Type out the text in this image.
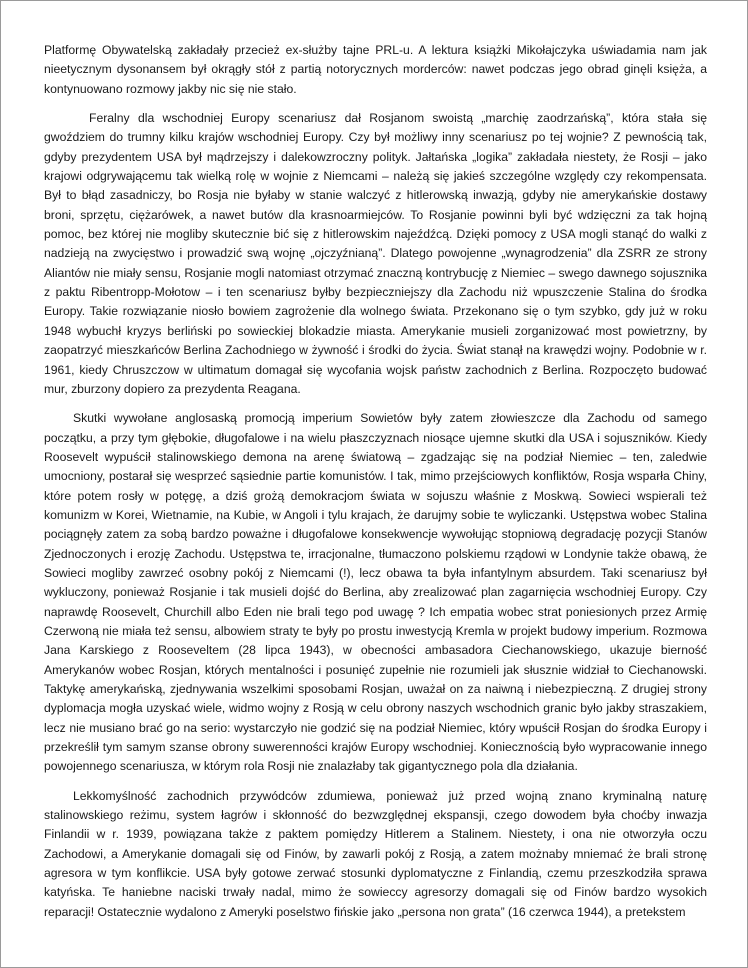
Platformę Obywatelską zakładały przecież ex-służby tajne PRL-u. A lektura książki Mikołajczyka uświadamia nam jak nieetycznym dysonansem był okrągły stół z partią notorycznych morderców: nawet podczas jego obrad ginęli księża, a kontynuowano rozmowy jakby nic się nie stało.

Feralny dla wschodniej Europy scenariusz dał Rosjanom swoistą „marchię zaodrzańską”, która stała się gwoździem do trumny kilku krajów wschodniej Europy. Czy był możliwy inny scenariusz po tej wojnie? Z pewnością tak, gdyby prezydentem USA był mądrzejszy i dalekowzroczny polityk. Jałtańska „logika” zakładała niestety, że Rosji – jako krajowi odgrywającemu tak wielką rolę w wojnie z Niemcami – należą się jakieś szczególne względy czy rekompensata. Był to błąd zasadniczy, bo Rosja nie byłaby w stanie walczyć z hitlerowską inwazją, gdyby nie amerykańskie dostawy broni, sprzętu, ciężarówek, a nawet butów dla krasnoarmiejców. To Rosjanie powinni byli być wdzięczni za tak hojną pomoc, bez której nie mogliby skutecznie bić się z hitlerowskim najeźdźcą. Dzięki pomocy z USA mogli stanąć do walki z nadzieją na zwycięstwo i prowadzić swą wojnę „ojczyźnianą”. Dlatego powojenne „wynagrodzenia” dla ZSRR ze strony Aliantów nie miały sensu, Rosjanie mogli natomiast otrzymać znaczną kontrybucję z Niemiec – swego dawnego sojusznika z paktu Ribentropp-Mołotow – i ten scenariusz byłby bezpieczniejszy dla Zachodu niż wpuszczenie Stalina do środka Europy. Takie rozwiązanie niosło bowiem zagrożenie dla wolnego świata. Przekonano się o tym szybko, gdy już w roku 1948 wybuchł kryzys berliński po sowieckiej blokadzie miasta. Amerykanie musieli zorganizować most powietrzny, by zaopatrzyć mieszkańców Berlina Zachodniego w żywność i środki do życia. Świat stanął na krawędzi wojny. Podobnie w r. 1961, kiedy Chruszczow w ultimatum domagał się wycofania wojsk państw zachodnich z Berlina. Rozpoczęto budować mur, zburzony dopiero za prezydenta Reagana.

Skutki wywołane anglosaską promocją imperium Sowietów były zatem złowieszcze dla Zachodu od samego początku, a przy tym głębokie, długofalowe i na wielu płaszczyznach niosące ujemne skutki dla USA i sojuszników. Kiedy Roosevelt wypuścił stalinowskiego demona na arenę światową – zgadzając się na podział Niemiec – ten, zaledwie umocniony, postarał się wesprzeć sąsiednie partie komunistów. I tak, mimo przejściowych konfliktów, Rosja wsparła Chiny, które potem rosły w potęgę, a dziś grożą demokracjom świata w sojuszu właśnie z Moskwą. Sowieci wspierali też komunizm w Korei, Wietnamie, na Kubie, w Angoli i tylu krajach, że darujmy sobie te wyliczanki. Ustępstwa wobec Stalina pociągnęły zatem za sobą bardzo poważne i długofalowe konsekwencje wywołując stopniową degradację pozycji Stanów Zjednoczonych i erozję Zachodu. Ustępstwa te, irracjonalne, tłumaczono polskiemu rządowi w Londynie także obawą, że Sowieci mogliby zawrzeć osobny pokój z Niemcami (!), lecz obawa ta była infantylnym absurdem. Taki scenariusz był wykluczony, ponieważ Rosjanie i tak musieli dojść do Berlina, aby zrealizować plan zagarnięcia wschodniej Europy. Czy naprawdę Roosevelt, Churchill albo Eden nie brali tego pod uwagę ? Ich empatia wobec strat poniesionych przez Armię Czerwoną nie miała też sensu, albowiem straty te były po prostu inwestycją Kremla w projekt budowy imperium. Rozmowa Jana Karskiego z Rooseveltem (28 lipca 1943), w obecności ambasadora Ciechanowskiego, ukazuje bierność Amerykanów wobec Rosjan, których mentalności i posunięć zupełnie nie rozumieli jak słusznie widział to Ciechanowski. Taktykę amerykańską, zjednywania wszelkimi sposobami Rosjan, uważał on za naiwną i niebezpieczną. Z drugiej strony dyplomacja mogła uzyskać wiele, widmo wojny z Rosją w celu obrony naszych wschodnich granic było jakby straszakiem, lecz nie musiano brać go na serio: wystarczyło nie godzić się na podział Niemiec, który wpuścił Rosjan do środka Europy i przekreślił tym samym szanse obrony suwerenności krajów Europy wschodniej. Koniecznością było wypracowanie innego powojennego scenariusza, w którym rola Rosji nie znalazłaby tak gigantycznego pola dla działania.

Lekkomyślność zachodnich przywódców zdumiewa, ponieważ już przed wojną znano kryminalną naturę stalinowskiego reżimu, system łagrów i skłonność do bezwzględnej ekspansji, czego dowodem była choćby inwazja Finlandii w r. 1939, powiązana także z paktem pomiędzy Hitlerem a Stalinem. Niestety, i ona nie otworzyła oczu Zachodowi, a Amerykanie domagali się od Finów, by zawarli pokój z Rosją, a zatem możnaby mniemać że brali stronę agresora w tym konflikcie. USA były gotowe zerwać stosunki dyplomatyczne z Finlandią, czemu przeszkodziła sprawa katyńska. Te haniebne naciski trwały nadal, mimo że sowieccy agresorzy domagali się od Finów bardzo wysokich reparacji! Ostatecznie wydalono z Ameryki poselstwo fińskie jako „persona non grata” (16 czerwca 1944), a pretekstem
